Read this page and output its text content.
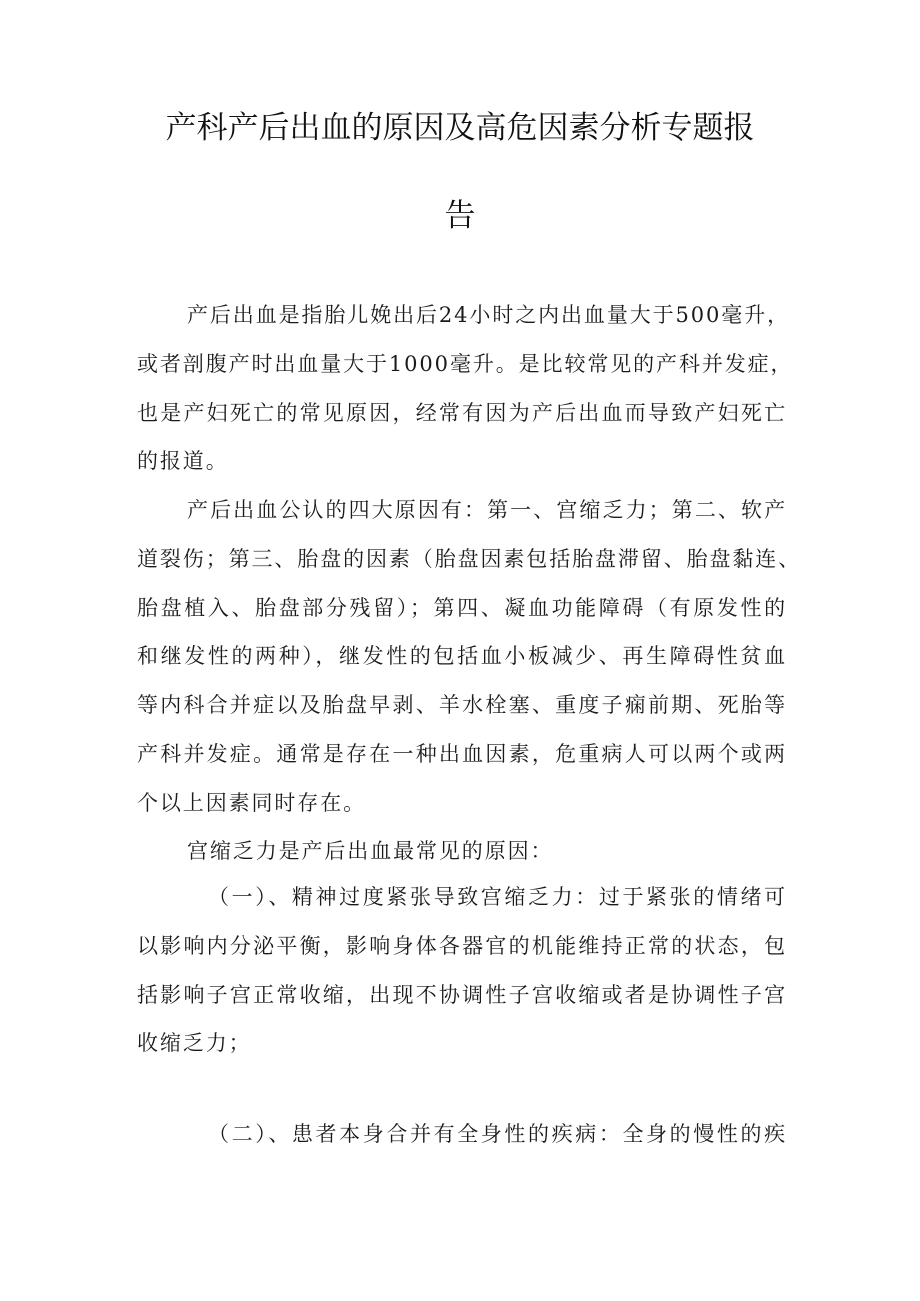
产科产后出血的原因及高危因素分析专题报
告
产后出血是指胎儿娩出后24小时之内出血量大于500毫升，
或者剖腹产时出血量大于1000毫升。是比较常见的产科并发症，
也是产妇死亡的常见原因，经常有因为产后出血而导致产妇死亡
的报道。
产后出血公认的四大原因有：第一、宫缩乏力；第二、软产
道裂伤；第三、胎盘的因素（胎盘因素包括胎盘滞留、胎盘黏连、
胎盘植入、胎盘部分残留）；第四、凝血功能障碍（有原发性的
和继发性的两种），继发性的包括血小板减少、再生障碍性贫血
等内科合并症以及胎盘早剥、羊水栓塞、重度子痫前期、死胎等
产科并发症。通常是存在一种出血因素，危重病人可以两个或两
个以上因素同时存在。
宫缩乏力是产后出血最常见的原因：
（一）、精神过度紧张导致宫缩乏力：过于紧张的情绪可
以影响内分泌平衡，影响身体各器官的机能维持正常的状态，包
括影响子宫正常收缩，出现不协调性子宫收缩或者是协调性子宫
收缩乏力；
（二）、患者本身合并有全身性的疾病：全身的慢性的疾
